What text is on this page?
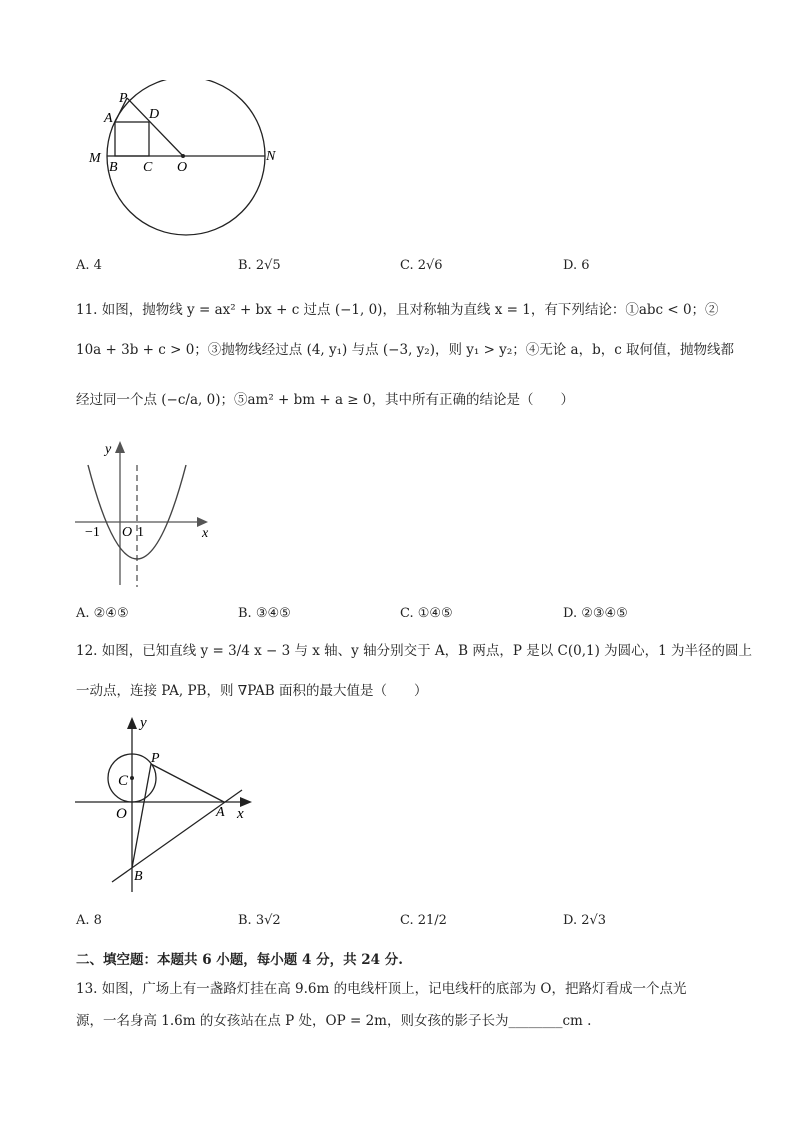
P
A	D
M
B C O
N
A. 4	B. 2√5	C. 2√6	D. 6
11. 如图，抛物线 y = ax² + bx + c 过点 (−1, 0)，且对称轴为直线 x = 1，有下列结论：①abc < 0；②
10a + 3b + c > 0；③抛物线经过点 (4, y₁) 与点 (−3, y₂)，则 y₁ > y₂；④无论 a，b，c 取何值，抛物线都
经过同一个点 (−c/a, 0)；⑤am² + bm + a ≥ 0，其中所有正确的结论是（　　）
y
x
−1 O 1
A. ②④⑤	B. ③④⑤	C. ①④⑤	D. ②③④⑤
12. 如图，已知直线 y = 3/4 x − 3 与 x 轴、y 轴分别交于 A，B 两点，P 是以 C(0,1) 为圆心，1 为半径的圆上
一动点，连接 PA, PB，则 ∇PAB 面积的最大值是（　　）
y
P
C
O	A x
B
A. 8	B. 3√2	C. 21/2	D. 2√3
二、填空题：本题共 6 小题，每小题 4 分，共 24 分.
13. 如图，广场上有一盏路灯挂在高 9.6m 的电线杆顶上，记电线杆的底部为 O，把路灯看成一个点光
源，一名身高 1.6m 的女孩站在点 P 处，OP = 2m，则女孩的影子长为________cm .
